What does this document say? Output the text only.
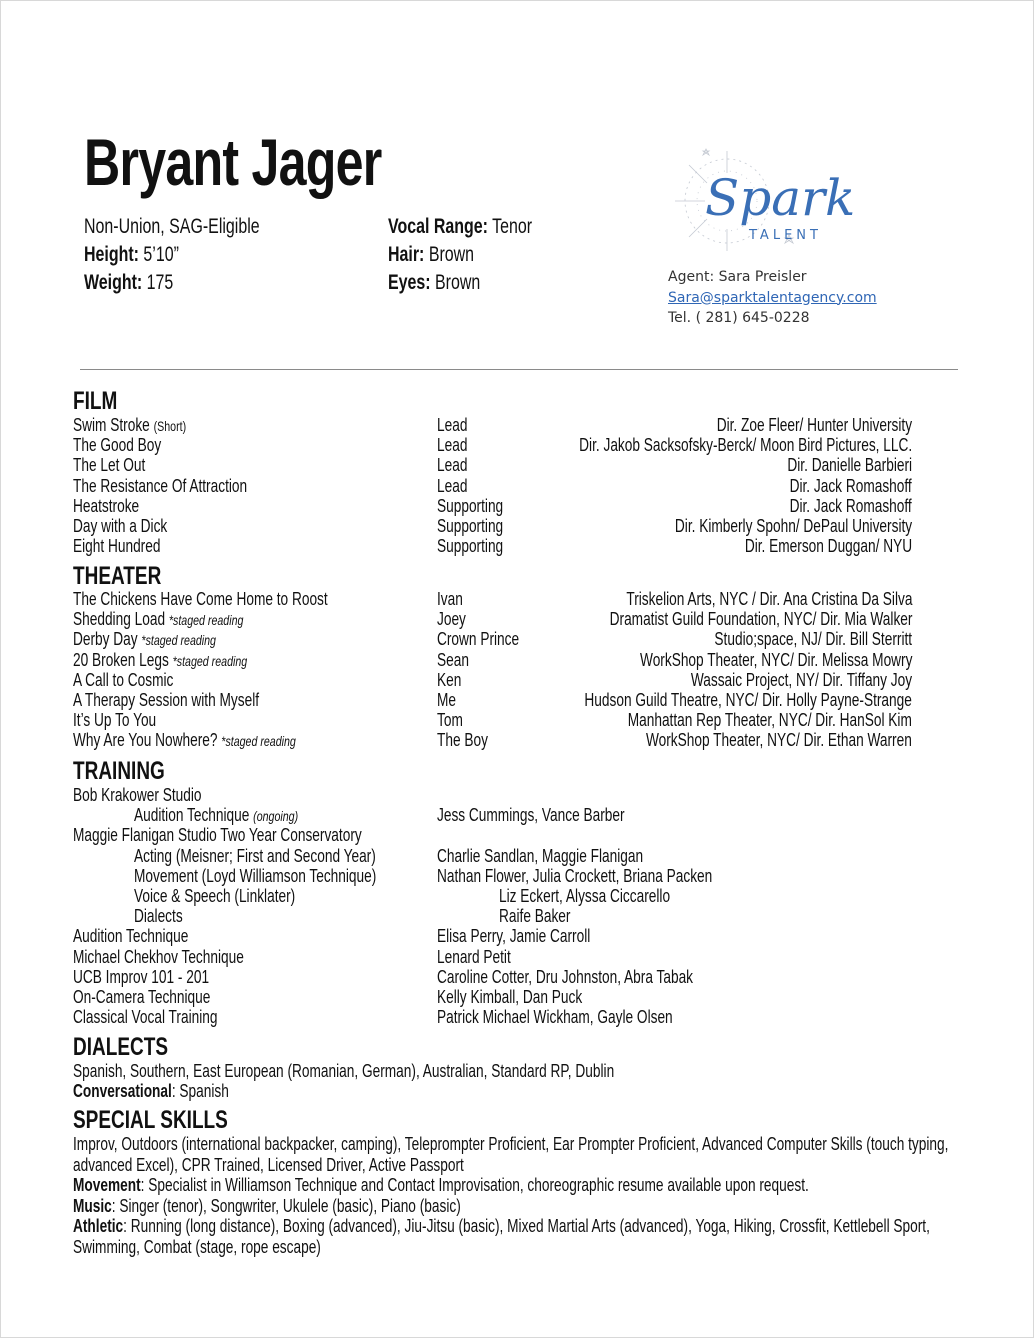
Bryant Jager
Non-Union, SAG-Eligible
Height: 5’10”
Weight: 175
Vocal Range: Tenor
Hair: Brown
Eyes: Brown
Spark
TALENT
Agent: Sara Preisler
Sara@sparktalentagency.com
Tel. ( 281) 645-0228
FILM
Swim Stroke (Short)	Lead	Dir. Zoe Fleer/ Hunter University
The Good Boy	Lead	Dir. Jakob Sacksofsky-Berck/ Moon Bird Pictures, LLC.
The Let Out	Lead	Dir. Danielle Barbieri
The Resistance Of Attraction	Lead	Dir. Jack Romashoff
Heatstroke	Supporting	Dir. Jack Romashoff
Day with a Dick	Supporting	Dir. Kimberly Spohn/ DePaul University
Eight Hundred	Supporting	Dir. Emerson Duggan/ NYU
THEATER
The Chickens Have Come Home to Roost	Ivan	Triskelion Arts, NYC / Dir. Ana Cristina Da Silva
Shedding Load *staged reading	Joey	Dramatist Guild Foundation, NYC/ Dir. Mia Walker
Derby Day *staged reading	Crown Prince	Studio;space, NJ/ Dir. Bill Sterritt
20 Broken Legs *staged reading	Sean	WorkShop Theater, NYC/ Dir. Melissa Mowry
A Call to Cosmic	Ken	Wassaic Project, NY/ Dir. Tiffany Joy
A Therapy Session with Myself	Me	Hudson Guild Theatre, NYC/ Dir. Holly Payne-Strange
It’s Up To You	Tom	Manhattan Rep Theater, NYC/ Dir. HanSol Kim
Why Are You Nowhere? *staged reading	The Boy	WorkShop Theater, NYC/ Dir. Ethan Warren
TRAINING
Bob Krakower Studio
Audition Technique (ongoing)	Jess Cummings, Vance Barber
Maggie Flanigan Studio Two Year Conservatory
Acting (Meisner; First and Second Year)	Charlie Sandlan, Maggie Flanigan
Movement (Loyd Williamson Technique)	Nathan Flower, Julia Crockett, Briana Packen
Voice & Speech (Linklater)	Liz Eckert, Alyssa Ciccarello
Dialects	Raife Baker
Audition Technique	Elisa Perry, Jamie Carroll
Michael Chekhov Technique	Lenard Petit
UCB Improv 101 - 201	Caroline Cotter, Dru Johnston, Abra Tabak
On-Camera Technique	Kelly Kimball, Dan Puck
Classical Vocal Training	Patrick Michael Wickham, Gayle Olsen
DIALECTS
Spanish, Southern, East European (Romanian, German), Australian, Standard RP, Dublin
Conversational: Spanish
SPECIAL SKILLS
Improv, Outdoors (international backpacker, camping), Teleprompter Proficient, Ear Prompter Proficient, Advanced Computer Skills (touch typing, advanced Excel), CPR Trained, Licensed Driver, Active Passport
Movement: Specialist in Williamson Technique and Contact Improvisation, choreographic resume available upon request.
Music: Singer (tenor), Songwriter, Ukulele (basic), Piano (basic)
Athletic: Running (long distance), Boxing (advanced), Jiu-Jitsu (basic), Mixed Martial Arts (advanced), Yoga, Hiking, Crossfit, Kettlebell Sport, Swimming, Combat (stage, rope escape)
